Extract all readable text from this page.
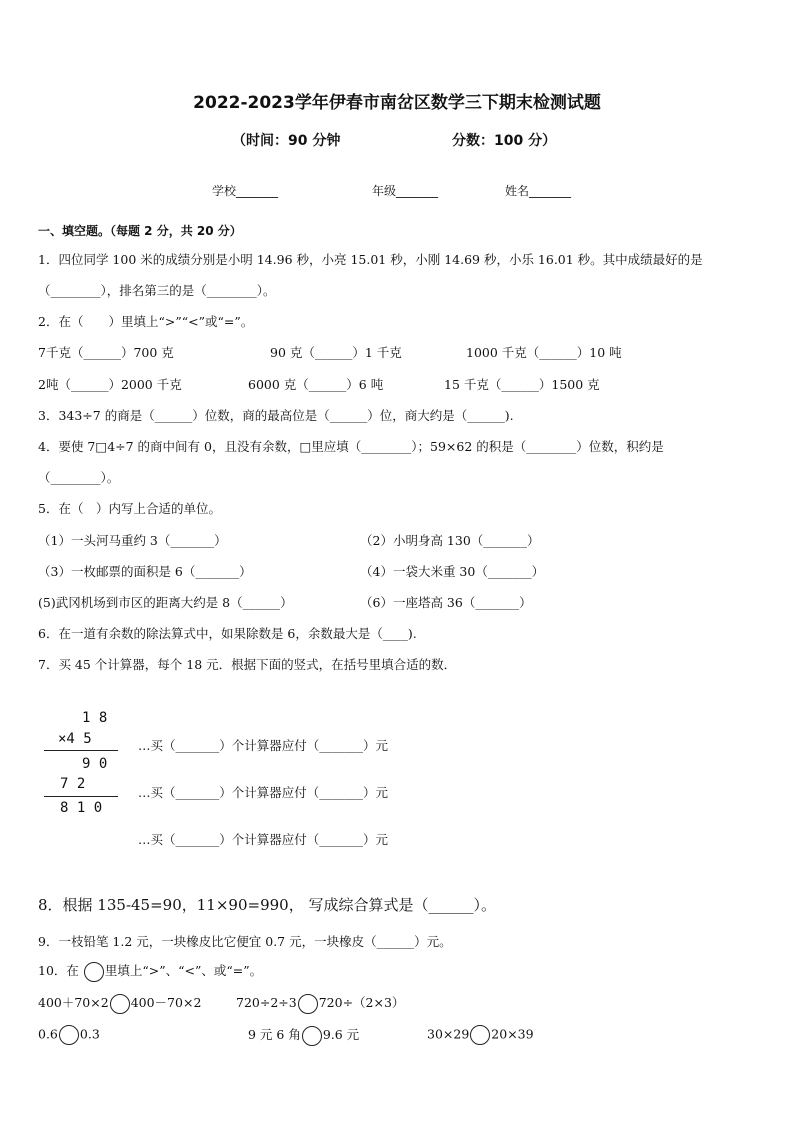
2022-2023学年伊春市南岔区数学三下期末检测试题
（时间：90 分钟	分数：100 分）
学校_______	年级_______	姓名_______
一、填空题。（每题 2 分，共 20 分）
1．四位同学 100 米的成绩分别是小明 14.96 秒，小亮 15.01 秒，小刚 14.69 秒，小乐 16.01 秒。其中成绩最好的是
（________），排名第三的是（________）。
2．在（　　）里填上“>”“<”或“=”。
7千克（______）700 克	90 克（______）1 千克	1000 千克（______）10 吨
2吨（______）2000 千克	6000 克（______）6 吨	15 千克（______）1500 克
3．343÷7 的商是（______）位数，商的最高位是（______）位，商大约是（______).
4．要使 7□4÷7 的商中间有 0，且没有余数，□里应填（________）；59×62 的积是（________）位数，积约是
（________）。
5．在（　）内写上合适的单位。
（1）一头河马重约 3（_______）	（2）小明身高 130（_______）
（3）一枚邮票的面积是 6（_______）	（4）一袋大米重 30（_______）
(5)武冈机场到市区的距离大约是 8（______）	（6）一座塔高 36（_______）
6．在一道有余数的除法算式中，如果除数是 6，余数最大是（____).
7．买 45 个计算器，每个 18 元．根据下面的竖式，在括号里填合适的数．
1 8
×4 5
9 0
7 2
8 1 0
…买（_______）个计算器应付（_______）元
…买（_______）个计算器应付（_______）元
…买（_______）个计算器应付（_______）元
8．根据 135-45=90，11×90=990， 写成综合算式是（______）。
9．一枝铅笔 1.2 元，一块橡皮比它便宜 0.7 元，一块橡皮（______）元。
10．在 里填上“>”、“<”、或“=”。
400＋70×2 400－70×2	720÷2÷3 720÷（2×3）
0.6 0.3	9 元 6 角 9.6 元	30×29 20×39
